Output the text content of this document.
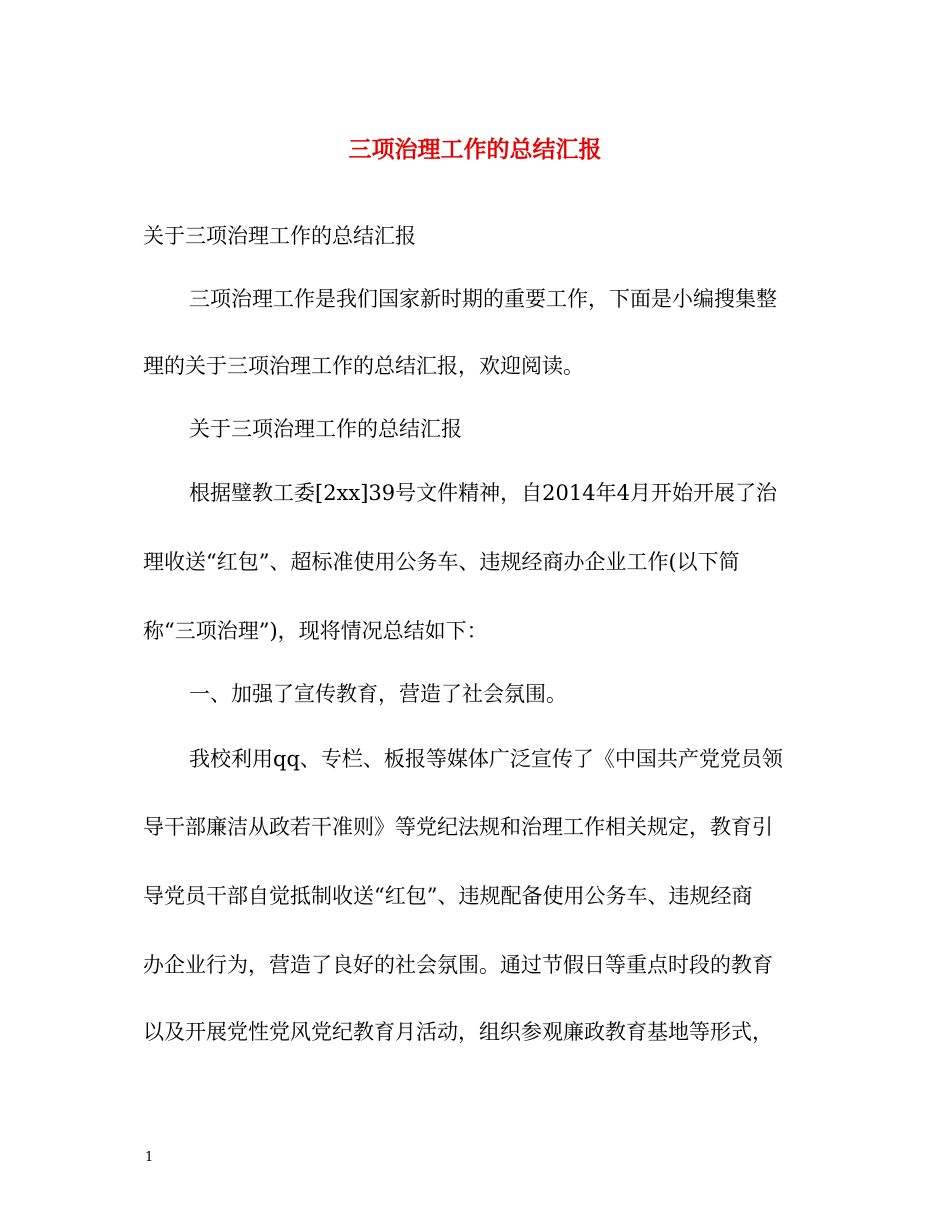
三项治理工作的总结汇报
关于三项治理工作的总结汇报
三项治理工作是我们国家新时期的重要工作，下面是小编搜集整
理的关于三项治理工作的总结汇报，欢迎阅读。
关于三项治理工作的总结汇报
根据璧教工委[2xx]39号文件精神，自2014年4月开始开展了治
理收送“红包”、超标准使用公务车、违规经商办企业工作(以下简
称“三项治理”)，现将情况总结如下：
一、加强了宣传教育，营造了社会氛围。
我校利用qq、专栏、板报等媒体广泛宣传了《中国共产党党员领
导干部廉洁从政若干准则》等党纪法规和治理工作相关规定，教育引
导党员干部自觉抵制收送“红包”、违规配备使用公务车、违规经商
办企业行为，营造了良好的社会氛围。通过节假日等重点时段的教育
以及开展党性党风党纪教育月活动，组织参观廉政教育基地等形式，
1
